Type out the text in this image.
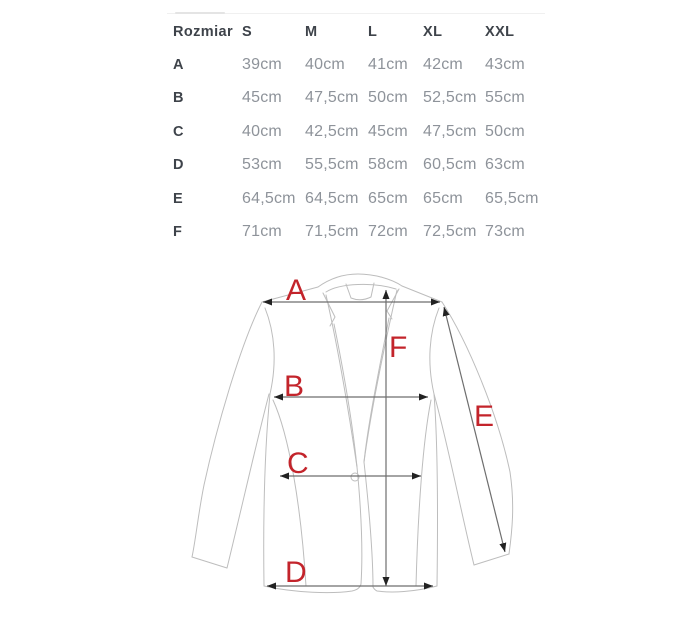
Rozmiar S	M	L	XL	XXL
A	39cm	40cm	41cm 42cm	43cm
B	45cm	47,5cm 50cm 52,5cm 55cm
C	40cm	42,5cm 45cm 47,5cm 50cm
D	53cm	55,5cm 58cm 60,5cm 63cm
E	64,5cm 64,5cm 65cm 65cm	65,5cm
F	71cm	71,5cm 72cm 72,5cm 73cm
A
B
C
D
E
F
